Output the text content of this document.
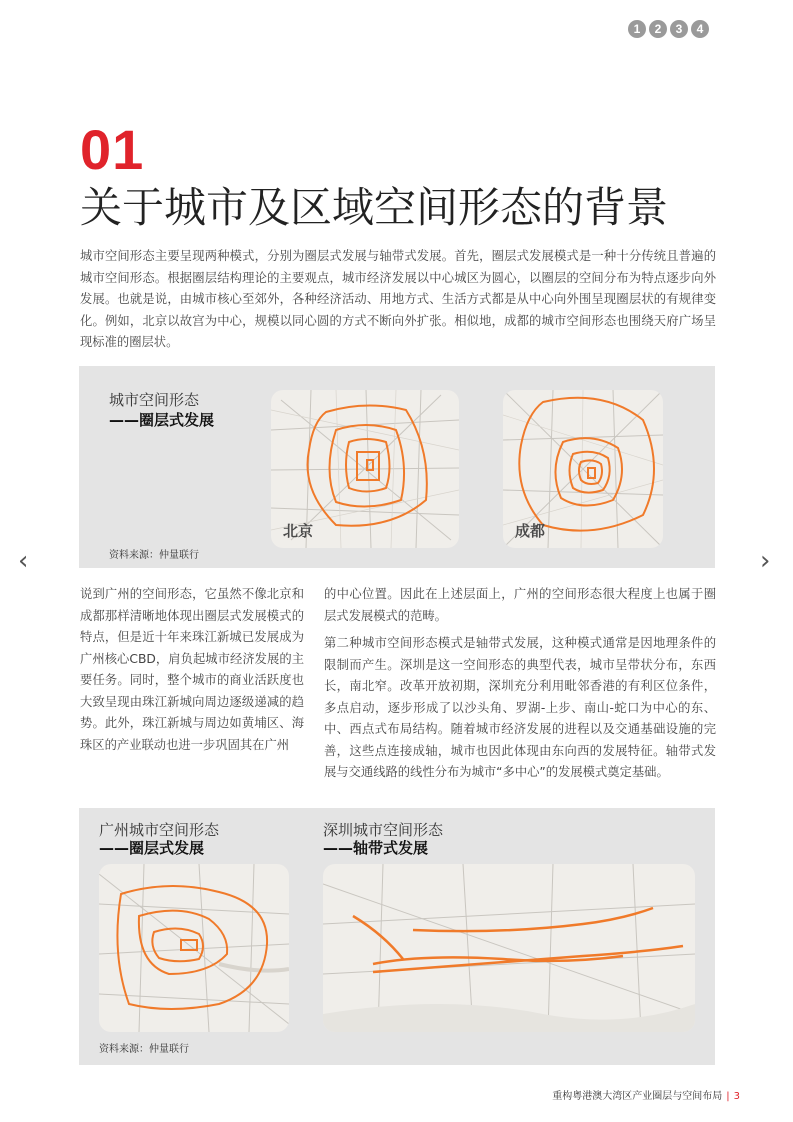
1	2	3	4
01
关于城市及区域空间形态的背景
城市空间形态主要呈现两种模式，分别为圈层式发展与轴带式发展。首先，圈层式发展模式是一种十分传统且普遍的城市空间形态。根据圈层结构理论的主要观点，城市经济发展以中心城区为圆心，以圈层的空间分布为特点逐步向外发展。也就是说，由城市核心至郊外，各种经济活动、用地方式、生活方式都是从中心向外围呈现圈层状的有规律变化。例如，北京以故宫为中心，规模以同心圆的方式不断向外扩张。相似地，成都的城市空间形态也围绕天府广场呈现标准的圈层状。
城市空间形态
——圈层式发展
资料来源：仲量联行
北京	成都
‹	›

说到广州的空间形态，它虽然不像北京和成都那样清晰地体现出圈层式发展模式的特点，但是近十年来珠江新城已发展成为广州核心CBD，肩负起城市经济发展的主要任务。同时，整个城市的商业活跃度也大致呈现由珠江新城向周边逐级递减的趋势。此外，珠江新城与周边如黄埔区、海珠区的产业联动也进一步巩固其在广州

的中心位置。因此在上述层面上，广州的空间形态很大程度上也属于圈层式发展模式的范畴。

第二种城市空间形态模式是轴带式发展，这种模式通常是因地理条件的限制而产生。深圳是这一空间形态的典型代表，城市呈带状分布，东西长，南北窄。改革开放初期，深圳充分利用毗邻香港的有利区位条件，多点启动，逐步形成了以沙头角、罗湖-上步、南山-蛇口为中心的东、中、西点式布局结构。随着城市经济发展的进程以及交通基础设施的完善，这些点连接成轴，城市也因此体现由东向西的发展特征。轴带式发展与交通线路的线性分布为城市“多中心”的发展模式奠定基础。

广州城市空间形态
——圈层式发展
深圳城市空间形态
——轴带式发展
资料来源：仲量联行
重构粤港澳大湾区产业圈层与空间布局 | 3
